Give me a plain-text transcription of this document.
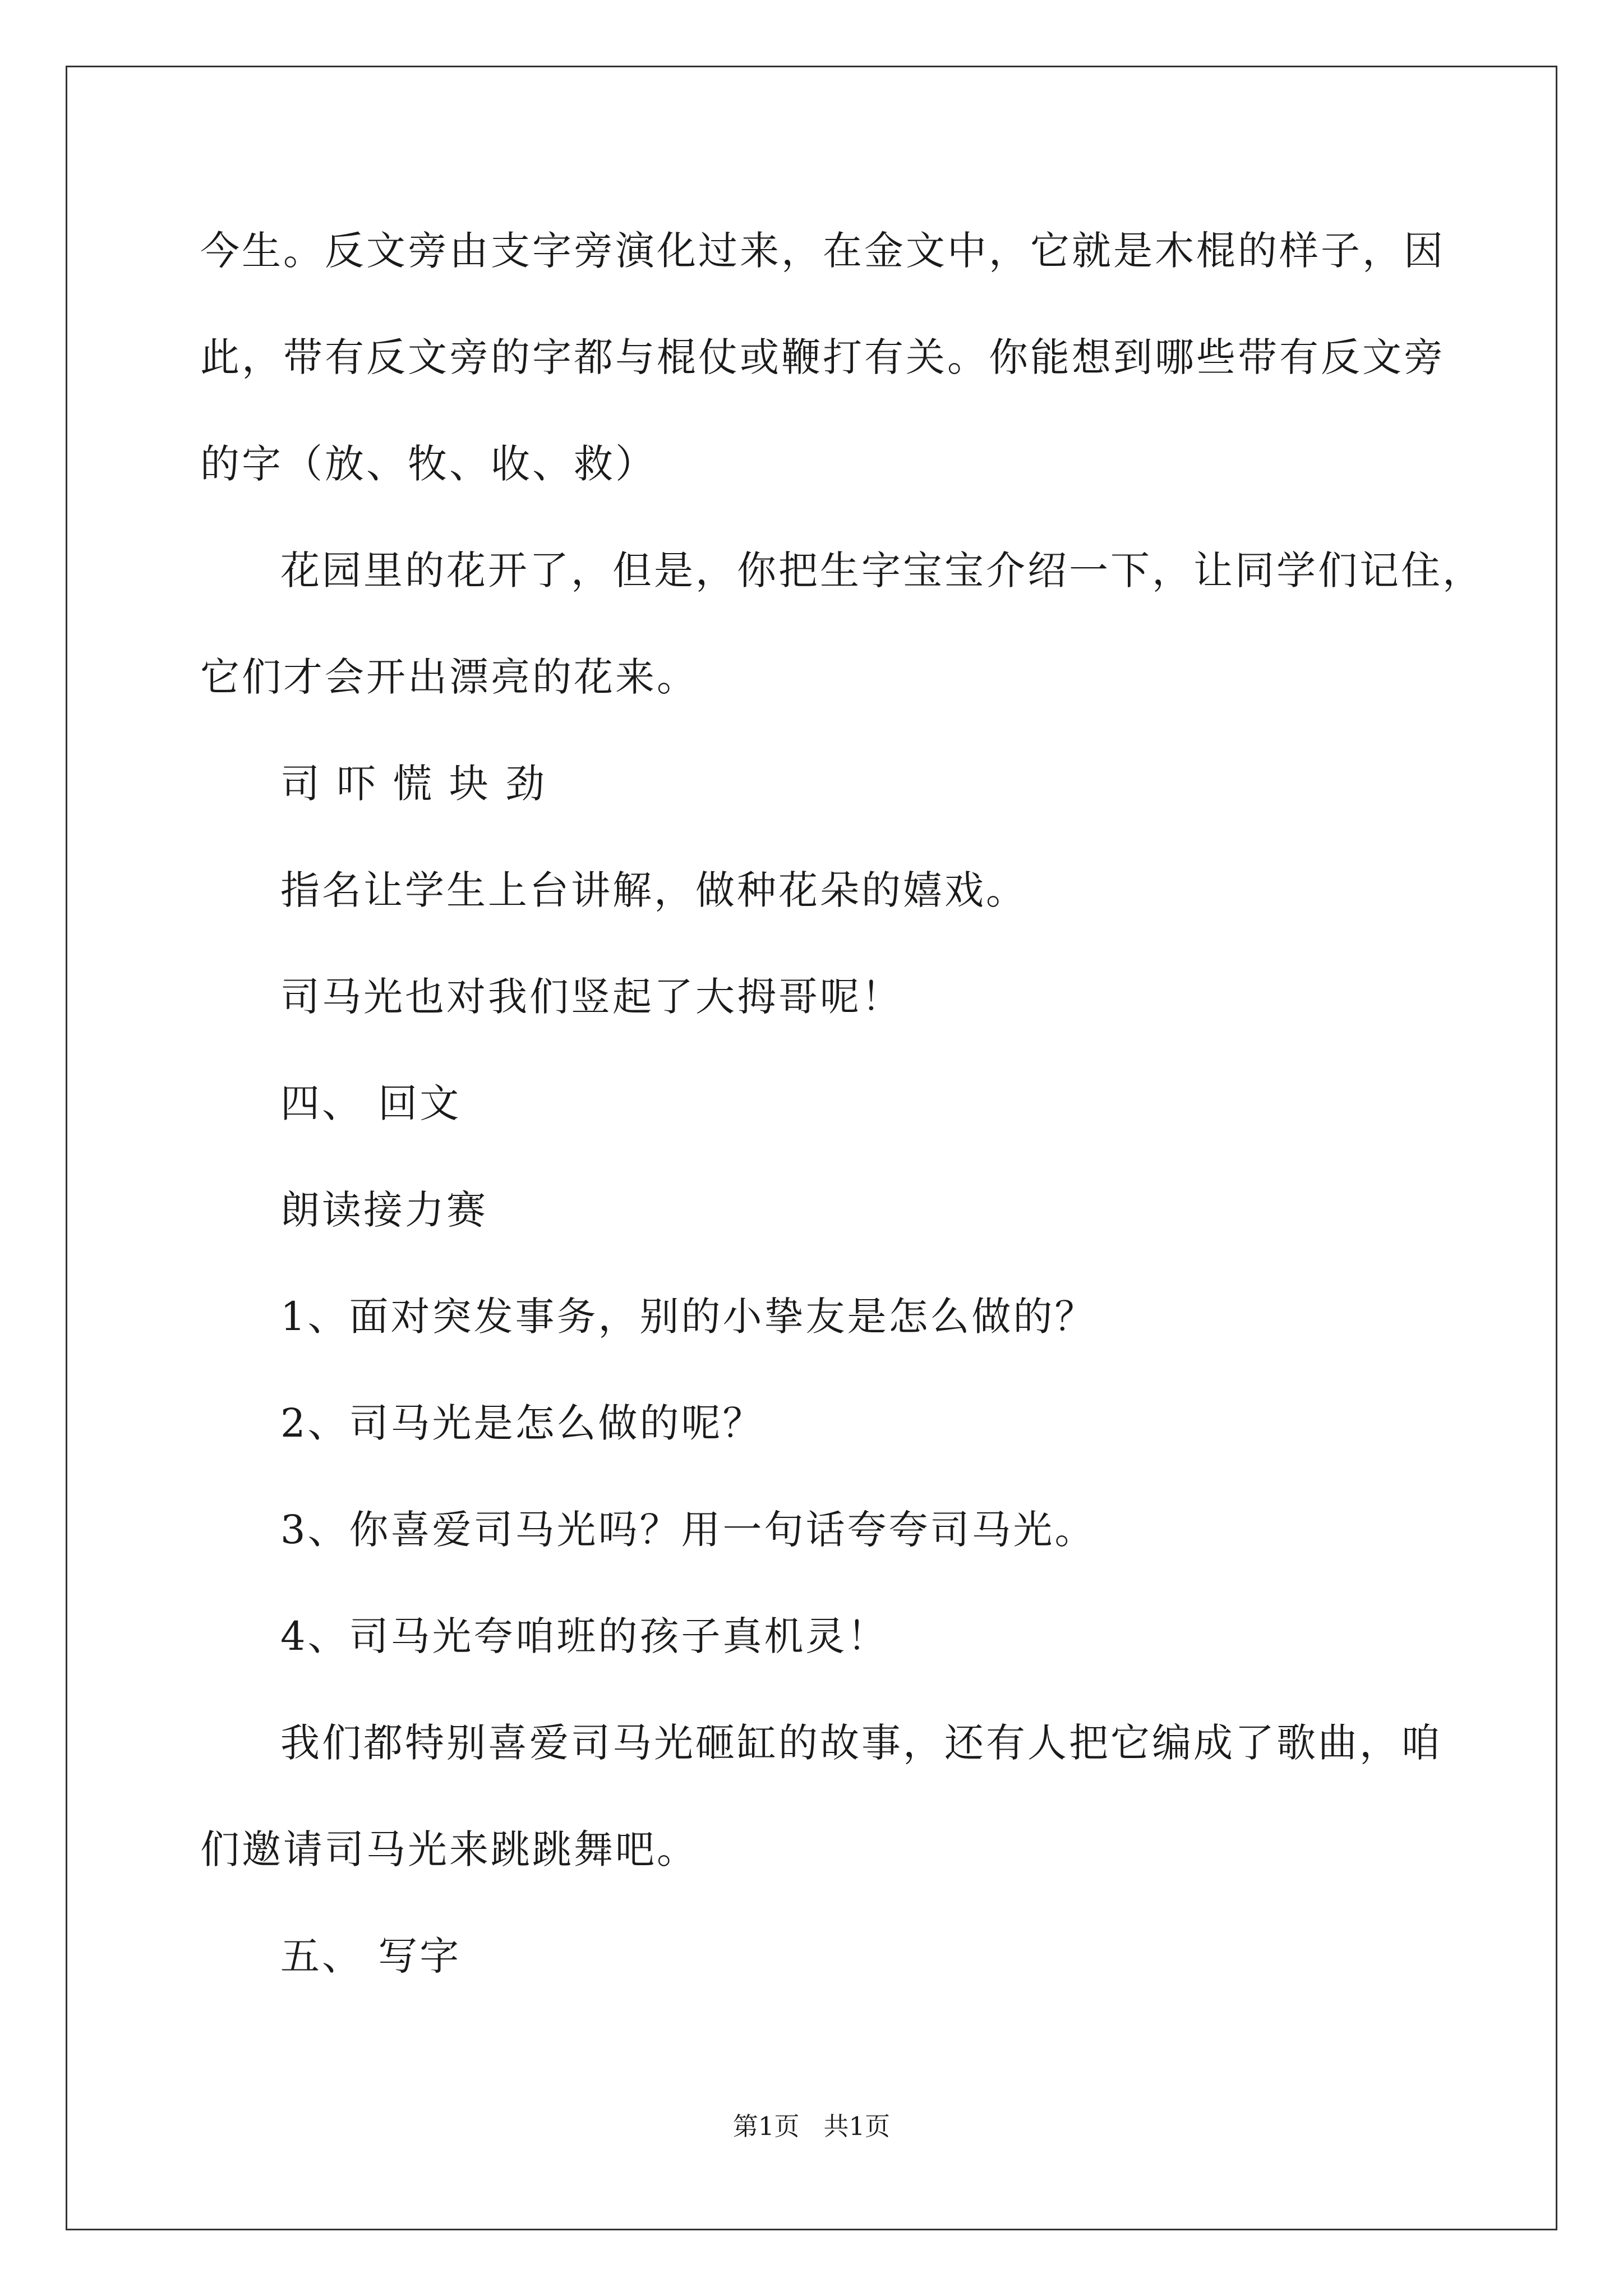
今生。反文旁由支字旁演化过来，在金文中，它就是木棍的样子，因

此，带有反文旁的字都与棍仗或鞭打有关。你能想到哪些带有反文旁

的字（放、牧、收、救）

花园里的花开了，但是，你把生字宝宝介绍一下，让同学们记住，

它们才会开出漂亮的花来。

司 吓 慌 块 劲

指名让学生上台讲解，做种花朵的嬉戏。

司马光也对我们竖起了大拇哥呢！

四、 回文

朗读接力赛

1、面对突发事务，别的小挚友是怎么做的？

2、司马光是怎么做的呢？

3、你喜爱司马光吗？用一句话夸夸司马光。

4、司马光夸咱班的孩子真机灵！

我们都特别喜爱司马光砸缸的故事，还有人把它编成了歌曲，咱

们邀请司马光来跳跳舞吧。

五、 写字

第1页   共1页
